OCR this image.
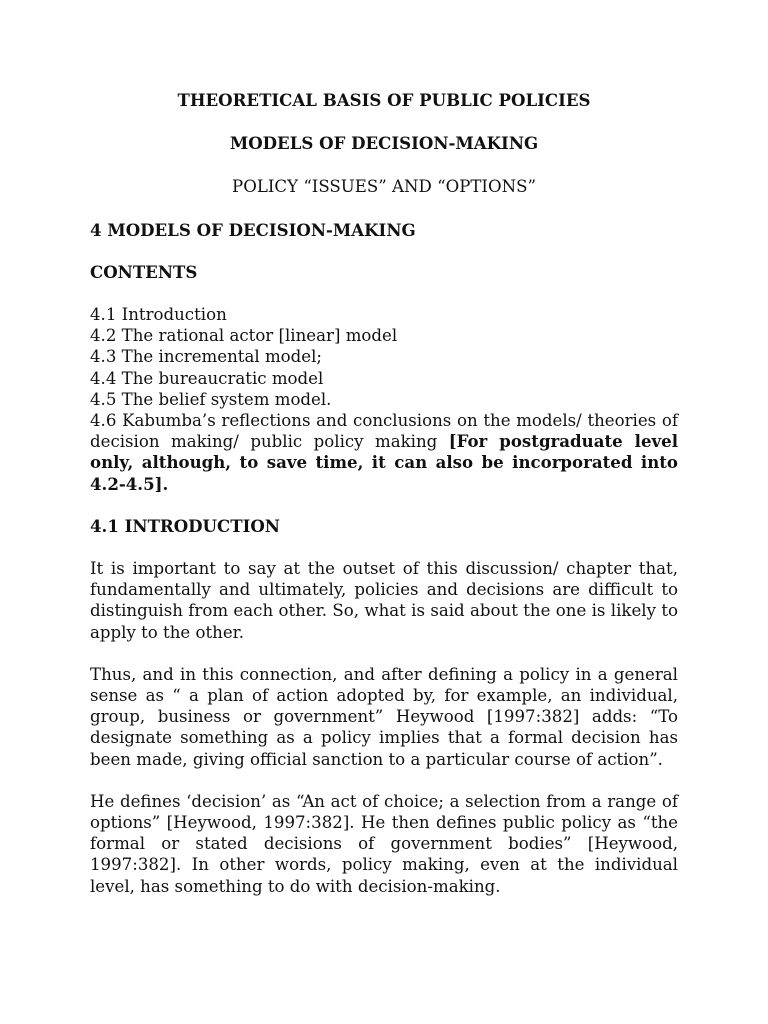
THEORETICAL BASIS OF PUBLIC POLICIES

MODELS OF DECISION-MAKING

POLICY “ISSUES” AND “OPTIONS”

4 MODELS OF DECISION-MAKING

CONTENTS

4.1 Introduction

4.2 The rational actor [linear] model

4.3 The incremental model;

4.4 The bureaucratic model

4.5 The belief system model.

4.6 Kabumba’s reflections and conclusions on the models/ theories of decision making/ public policy making [For postgraduate level only, although, to save time, it can also be incorporated into 4.2-4.5].

4.1 INTRODUCTION

It is important to say at the outset of this discussion/ chapter that, fundamentally and ultimately, policies and decisions are difficult to distinguish from each other. So, what is said about the one is likely to apply to the other.

Thus, and in this connection, and after defining a policy in a general sense as “ a plan of action adopted by, for example, an individual, group, business or government” Heywood [1997:382] adds: “To designate something as a policy implies that a formal decision has been made, giving official sanction to a particular course of action”.

He defines ‘decision’ as “An act of choice; a selection from a range of options” [Heywood, 1997:382]. He then defines public policy as “the formal or stated decisions of government bodies” [Heywood, 1997:382]. In other words, policy making, even at the individual level, has something to do with decision-making.
